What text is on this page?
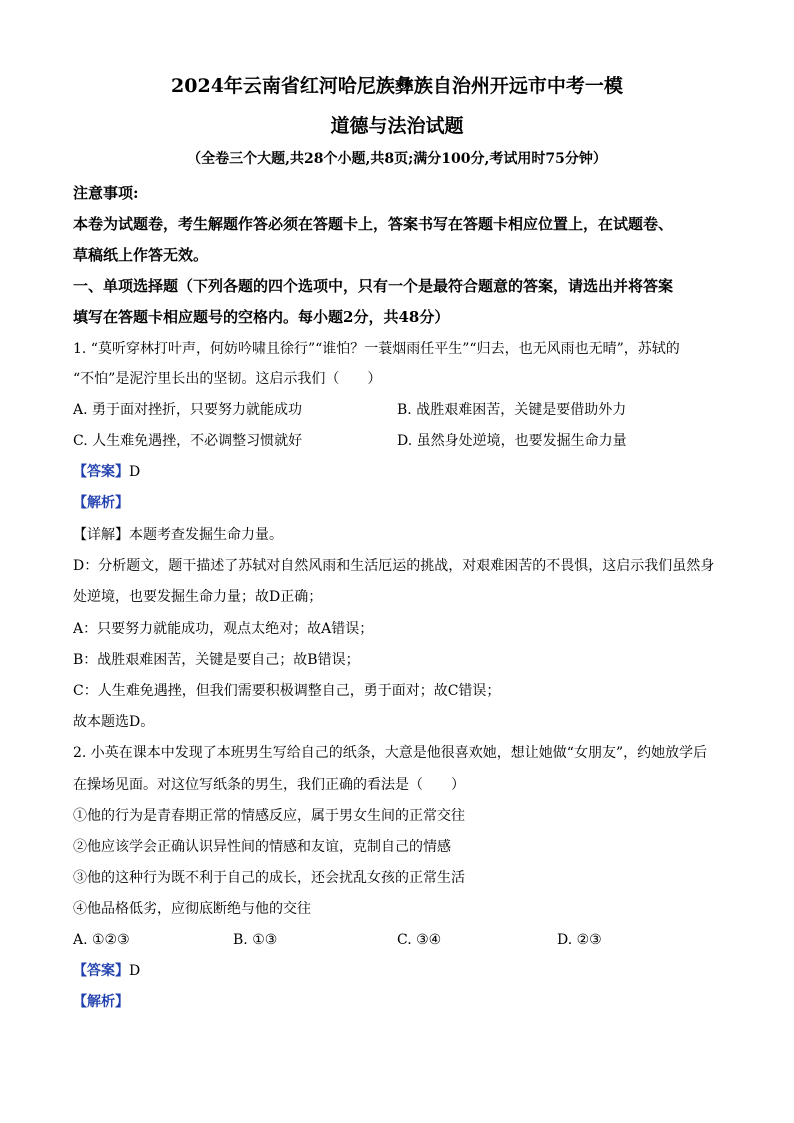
2024年云南省红河哈尼族彝族自治州开远市中考一模
道德与法治试题
（全卷三个大题,共28个小题,共8页;满分100分,考试用时75分钟）
注意事项:
本卷为试题卷，考生解题作答必须在答题卡上，答案书写在答题卡相应位置上，在试题卷、
草稿纸上作答无效。
一、单项选择题（下列各题的四个选项中，只有一个是最符合题意的答案，请选出并将答案
填写在答题卡相应题号的空格内。每小题2分，共48分）
1. “莫听穿林打叶声，何妨吟啸且徐行”“谁怕？一蓑烟雨任平生”“归去，也无风雨也无晴”，苏轼的
“不怕”是泥泞里长出的坚韧。这启示我们（　　）
A. 勇于面对挫折，只要努力就能成功	B. 战胜艰难困苦，关键是要借助外力
C. 人生难免遇挫，不必调整习惯就好	D. 虽然身处逆境，也要发掘生命力量
【答案】D
【解析】
【详解】本题考查发掘生命力量。
D：分析题文，题干描述了苏轼对自然风雨和生活厄运的挑战，对艰难困苦的不畏惧，这启示我们虽然身
处逆境，也要发掘生命力量；故D正确；
A：只要努力就能成功，观点太绝对；故A错误；
B：战胜艰难困苦，关键是要自己；故B错误；
C：人生难免遇挫，但我们需要积极调整自己，勇于面对；故C错误；
故本题选D。
2. 小英在课本中发现了本班男生写给自己的纸条，大意是他很喜欢她，想让她做“女朋友”，约她放学后
在操场见面。对这位写纸条的男生，我们正确的看法是（　　）
①他的行为是青春期正常的情感反应，属于男女生间的正常交往
②他应该学会正确认识异性间的情感和友谊，克制自己的情感
③他的这种行为既不利于自己的成长，还会扰乱女孩的正常生活
④他品格低劣，应彻底断绝与他的交往
A. ①②③	B. ①③	C. ③④	D. ②③
【答案】D
【解析】
